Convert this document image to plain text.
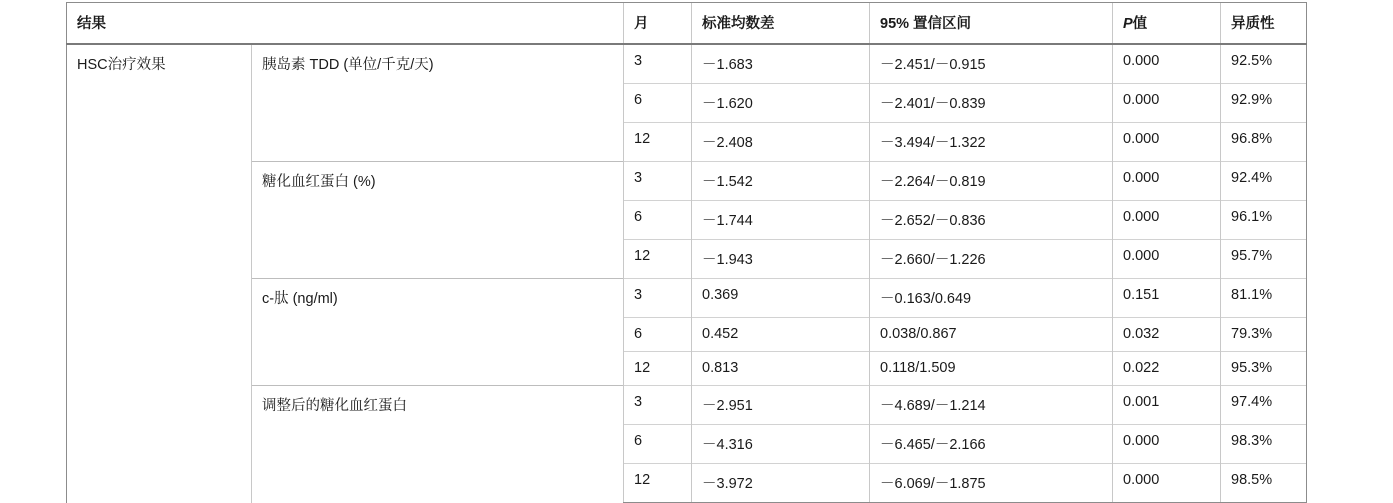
结果		月	标准均数差	95% 置信区间	P值	异质性
HSC治疗效果	胰岛素 TDD (单位/千克/天)	3	－1.683	－2.451/－0.915	0.000	92.5%
		6	－1.620	－2.401/－0.839	0.000	92.9%
		12	－2.408	－3.494/－1.322	0.000	96.8%
	糖化血红蛋白 (%)	3	－1.542	－2.264/－0.819	0.000	92.4%
		6	－1.744	－2.652/－0.836	0.000	96.1%
		12	－1.943	－2.660/－1.226	0.000	95.7%
	c-肽 (ng/ml)	3	0.369	－0.163/0.649	0.151	81.1%
		6	0.452	0.038/0.867	0.032	79.3%
		12	0.813	0.118/1.509	0.022	95.3%
	调整后的糖化血红蛋白	3	－2.951	－4.689/－1.214	0.001	97.4%
		6	－4.316	－6.465/－2.166	0.000	98.3%
		12	－3.972	－6.069/－1.875	0.000	98.5%
